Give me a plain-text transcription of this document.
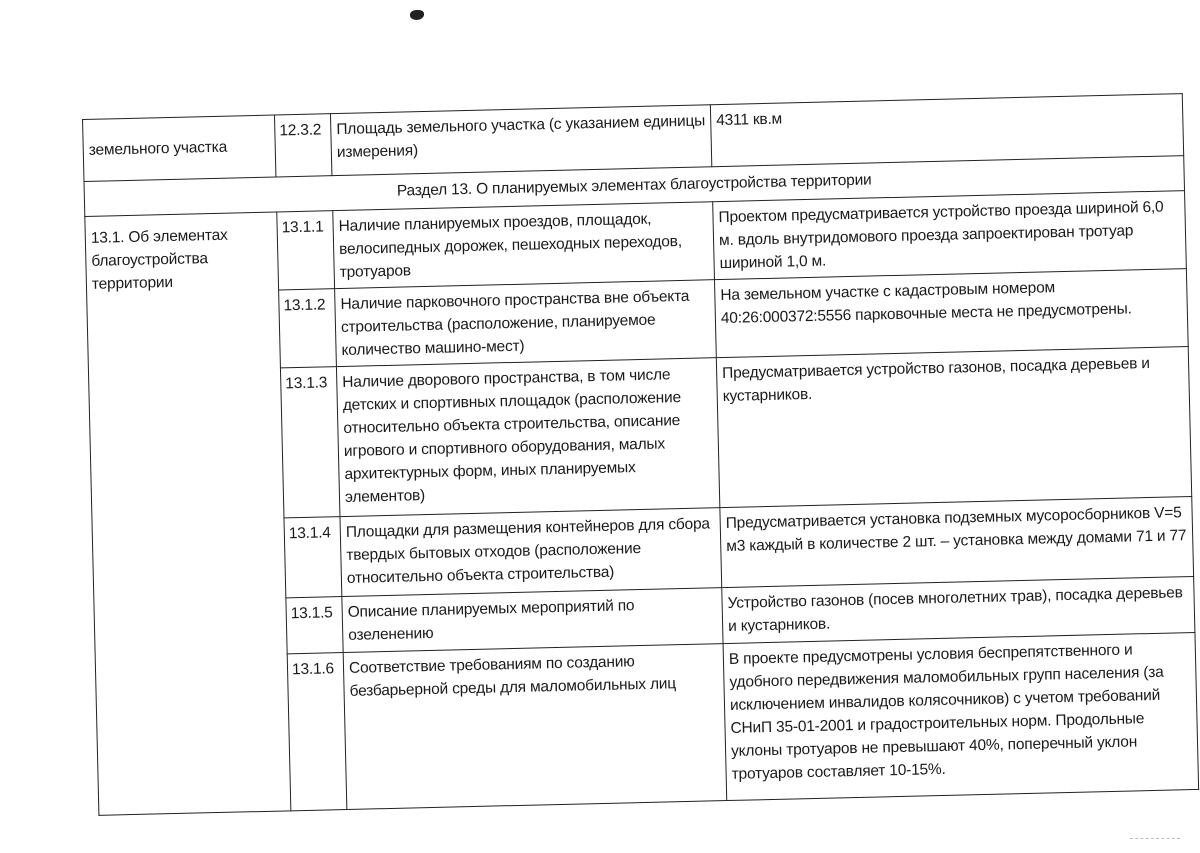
земельного участка	12.3.2	Площадь земельного участка (с указанием единицы измерения)	4311 кв.м
Раздел 13. О планируемых элементах благоустройства территории			
13.1. Об элементах благоустройства территории	13.1.1	Наличие планируемых проездов, площадок, велосипедных дорожек, пешеходных переходов, тротуаров	Проектом предусматривается устройство проезда шириной 6,0 м. вдоль внутридомового проезда запроектирован тротуар шириной 1,0 м.
	13.1.2	Наличие парковочного пространства вне объекта строительства (расположение, планируемое количество машино-мест)	На земельном участке с кадастровым номером 40:26:000372:5556 парковочные места не предусмотрены.
	13.1.3	Наличие дворового пространства, в том числе детских и спортивных площадок (расположение относительно объекта строительства, описание игрового и спортивного оборудования, малых архитектурных форм, иных планируемых элементов)	Предусматривается устройство газонов, посадка деревьев и кустарников.
	13.1.4	Площадки для размещения контейнеров для сбора твердых бытовых отходов (расположение относительно объекта строительства)	Предусматривается установка подземных мусоросборников V=5 м3 каждый в количестве 2 шт. – установка между домами 71 и 77
	13.1.5	Описание планируемых мероприятий по озеленению	Устройство газонов (посев многолетних трав), посадка деревьев и кустарников.
	13.1.6	Соответствие требованиям по созданию безбарьерной среды для маломобильных лиц	В проекте предусмотрены условия беспрепятственного и удобного передвижения маломобильных групп населения (за исключением инвалидов колясочников) с учетом требований СНиП 35-01-2001 и градостроительных норм. Продольные уклоны тротуаров не превышают 40%, поперечный уклон тротуаров составляет 10-15%.
